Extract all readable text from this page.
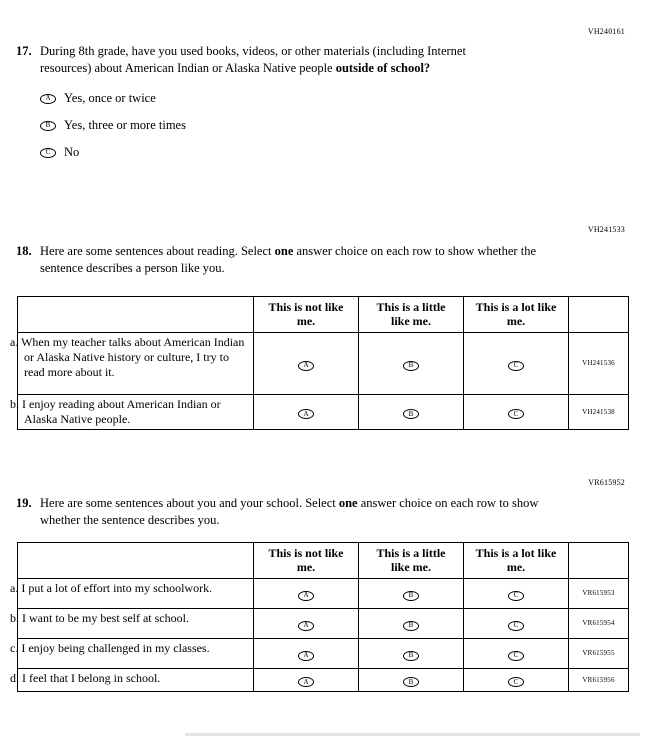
VH240161
17. During 8th grade, have you used books, videos, or other materials (including Internet resources) about American Indian or Alaska Native people outside of school?

A Yes, once or twice
B Yes, three or more times
C No
VH241533
18. Here are some sentences about reading. Select one answer choice on each row to show whether the sentence describes a person like you.

	This is not like me.	This is a little like me.	This is a lot like me.	
a. When my teacher talks about American Indian or Alaska Native history or culture, I try to read more about it.	A	B	C	VH241536
b. I enjoy reading about American Indian or Alaska Native people.	A	B	C	VH241538
VR615952
19. Here are some sentences about you and your school. Select one answer choice on each row to show whether the sentence describes you.

	This is not like me.	This is a little like me.	This is a lot like me.	
a. I put a lot of effort into my schoolwork.	A	B	C	VR615953
b. I want to be my best self at school.	A	B	C	VR615954
c. I enjoy being challenged in my classes.	A	B	C	VR615955
d. I feel that I belong in school.	A	B	C	VR615956
